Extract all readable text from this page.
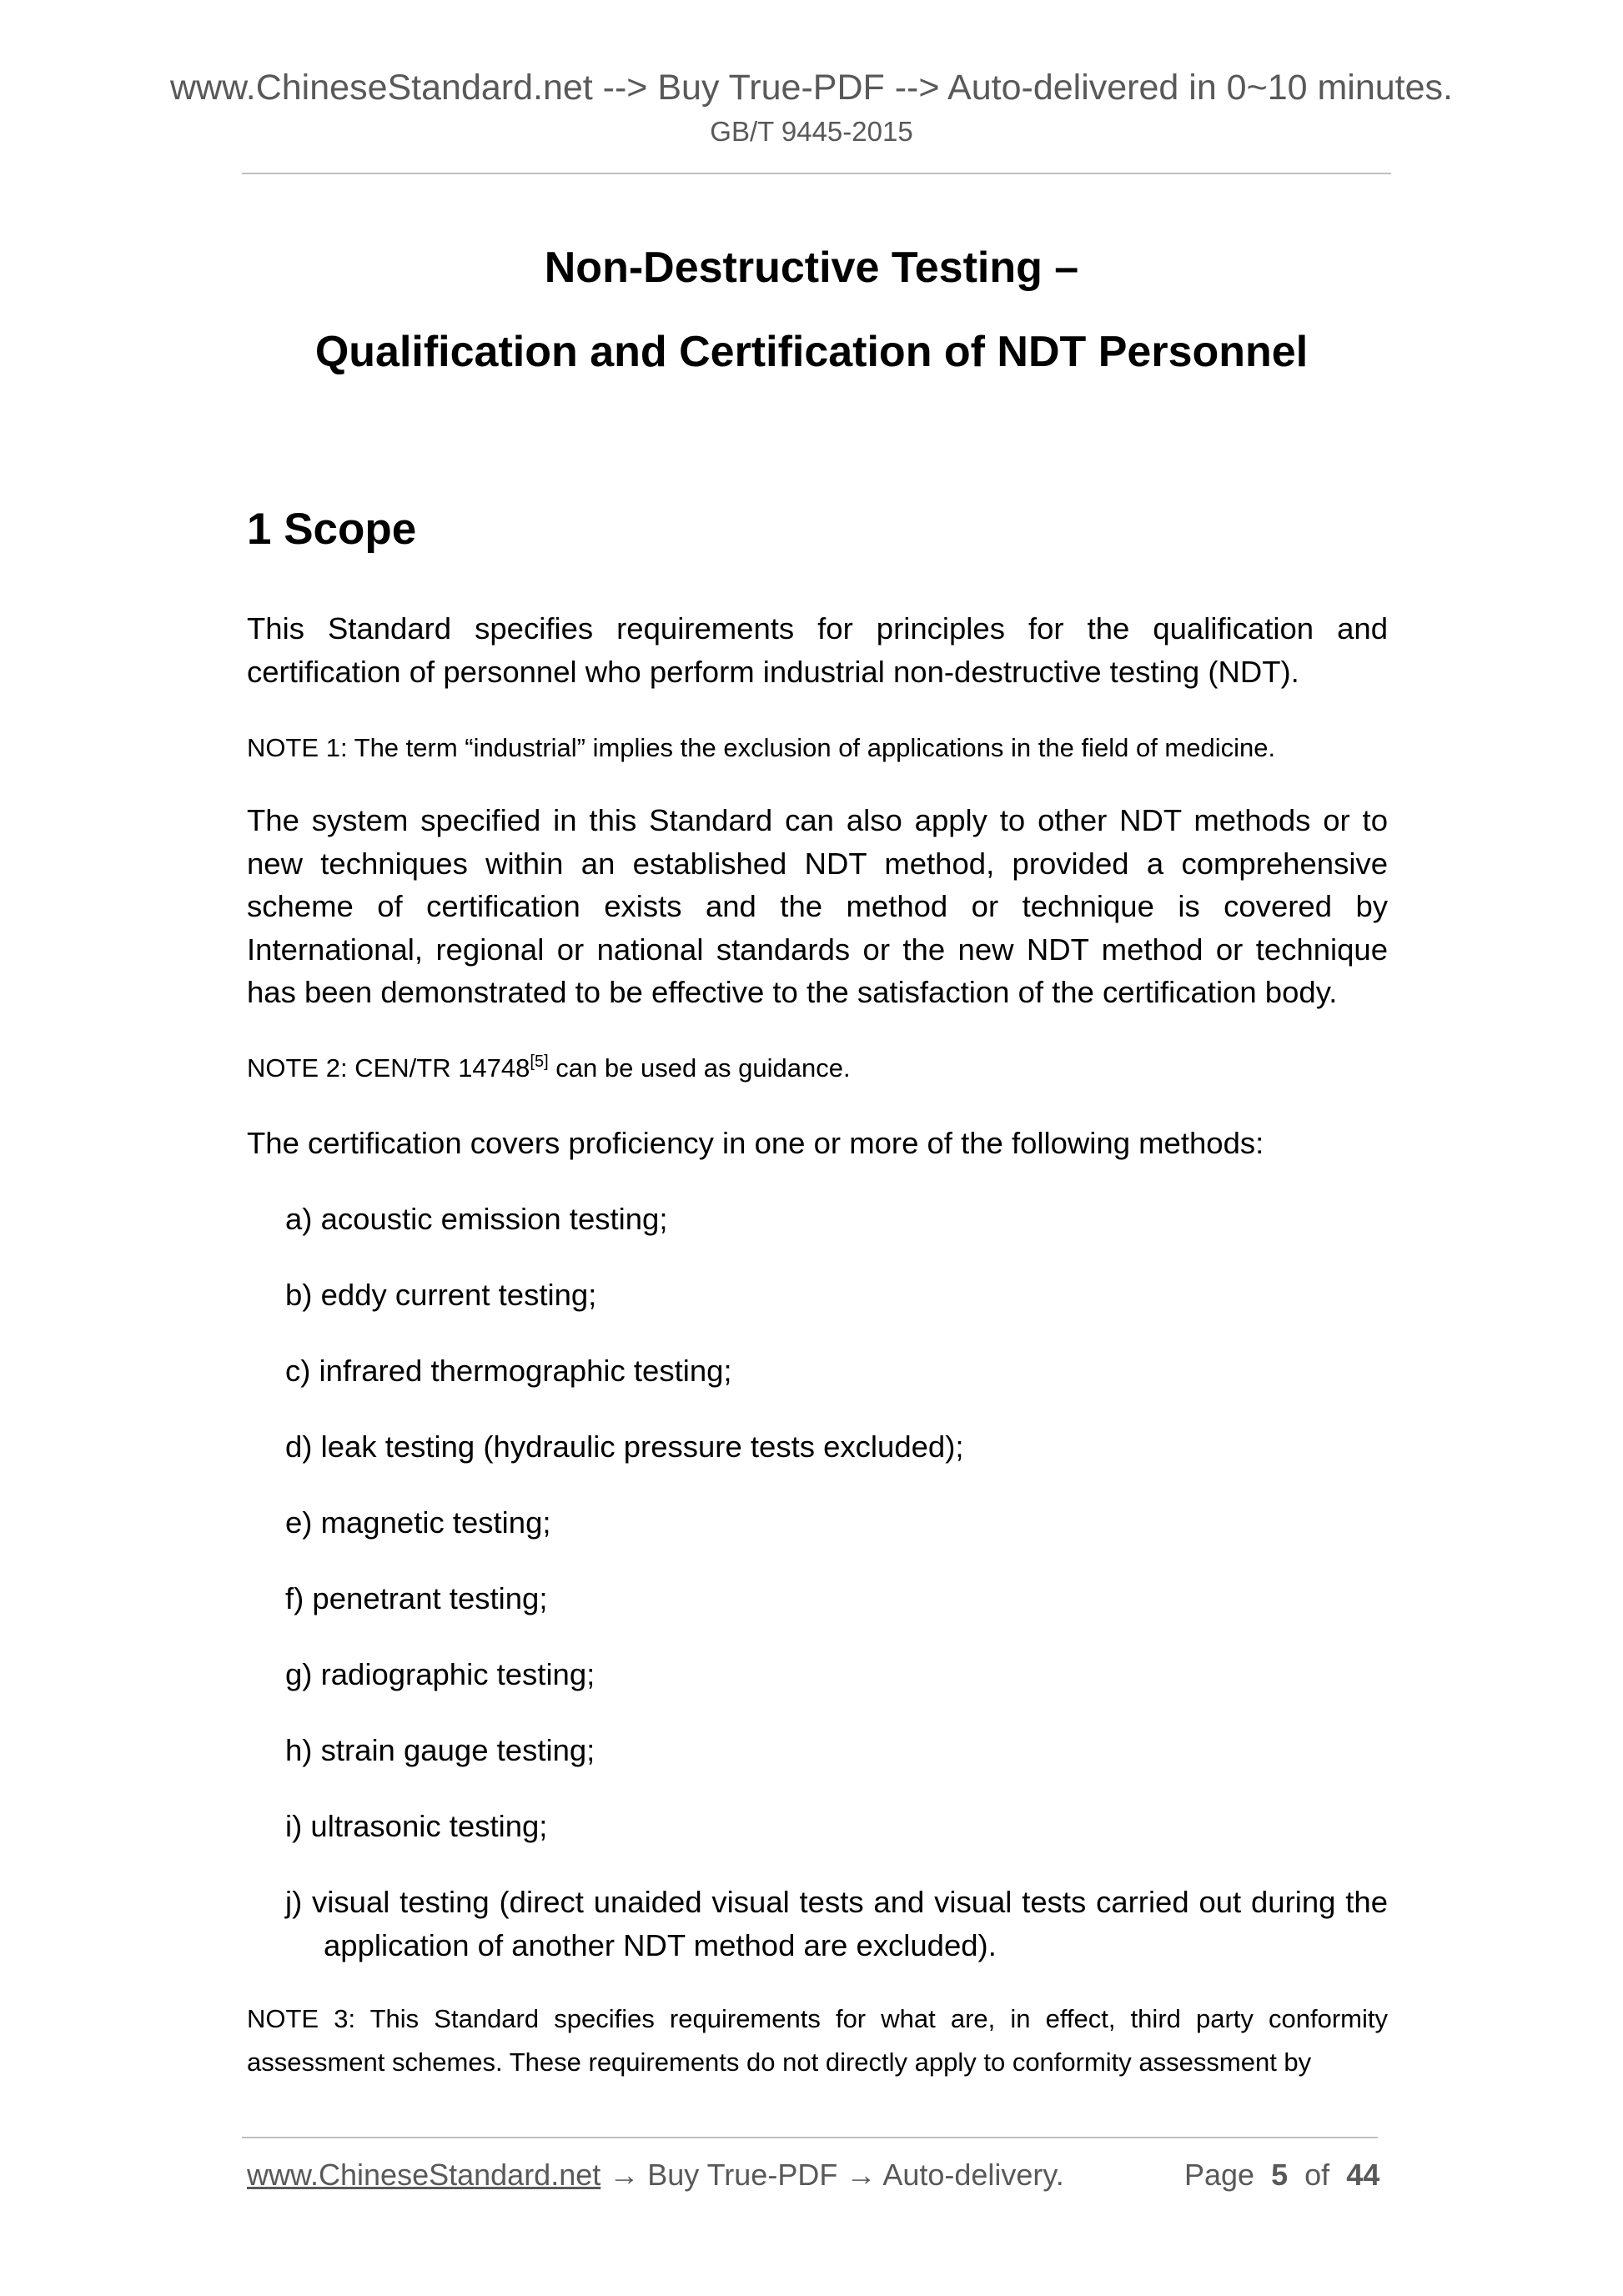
www.ChineseStandard.net --> Buy True-PDF --> Auto-delivered in 0~10 minutes.
GB/T 9445-2015
Non-Destructive Testing –
Qualification and Certification of NDT Personnel
1 Scope
This Standard specifies requirements for principles for the qualification and certification of personnel who perform industrial non-destructive testing (NDT).
NOTE 1: The term “industrial” implies the exclusion of applications in the field of medicine.
The system specified in this Standard can also apply to other NDT methods or to new techniques within an established NDT method, provided a comprehensive scheme of certification exists and the method or technique is covered by International, regional or national standards or the new NDT method or technique has been demonstrated to be effective to the satisfaction of the certification body.
NOTE 2: CEN/TR 14748[5] can be used as guidance.
The certification covers proficiency in one or more of the following methods:
a) acoustic emission testing;
b) eddy current testing;
c) infrared thermographic testing;
d) leak testing (hydraulic pressure tests excluded);
e) magnetic testing;
f) penetrant testing;
g) radiographic testing;
h) strain gauge testing;
i) ultrasonic testing;
j) visual testing (direct unaided visual tests and visual tests carried out during the application of another NDT method are excluded).
NOTE 3: This Standard specifies requirements for what are, in effect, third party conformity assessment schemes. These requirements do not directly apply to conformity assessment by
www.ChineseStandard.net → Buy True-PDF → Auto-delivery.	Page 5 of 44
